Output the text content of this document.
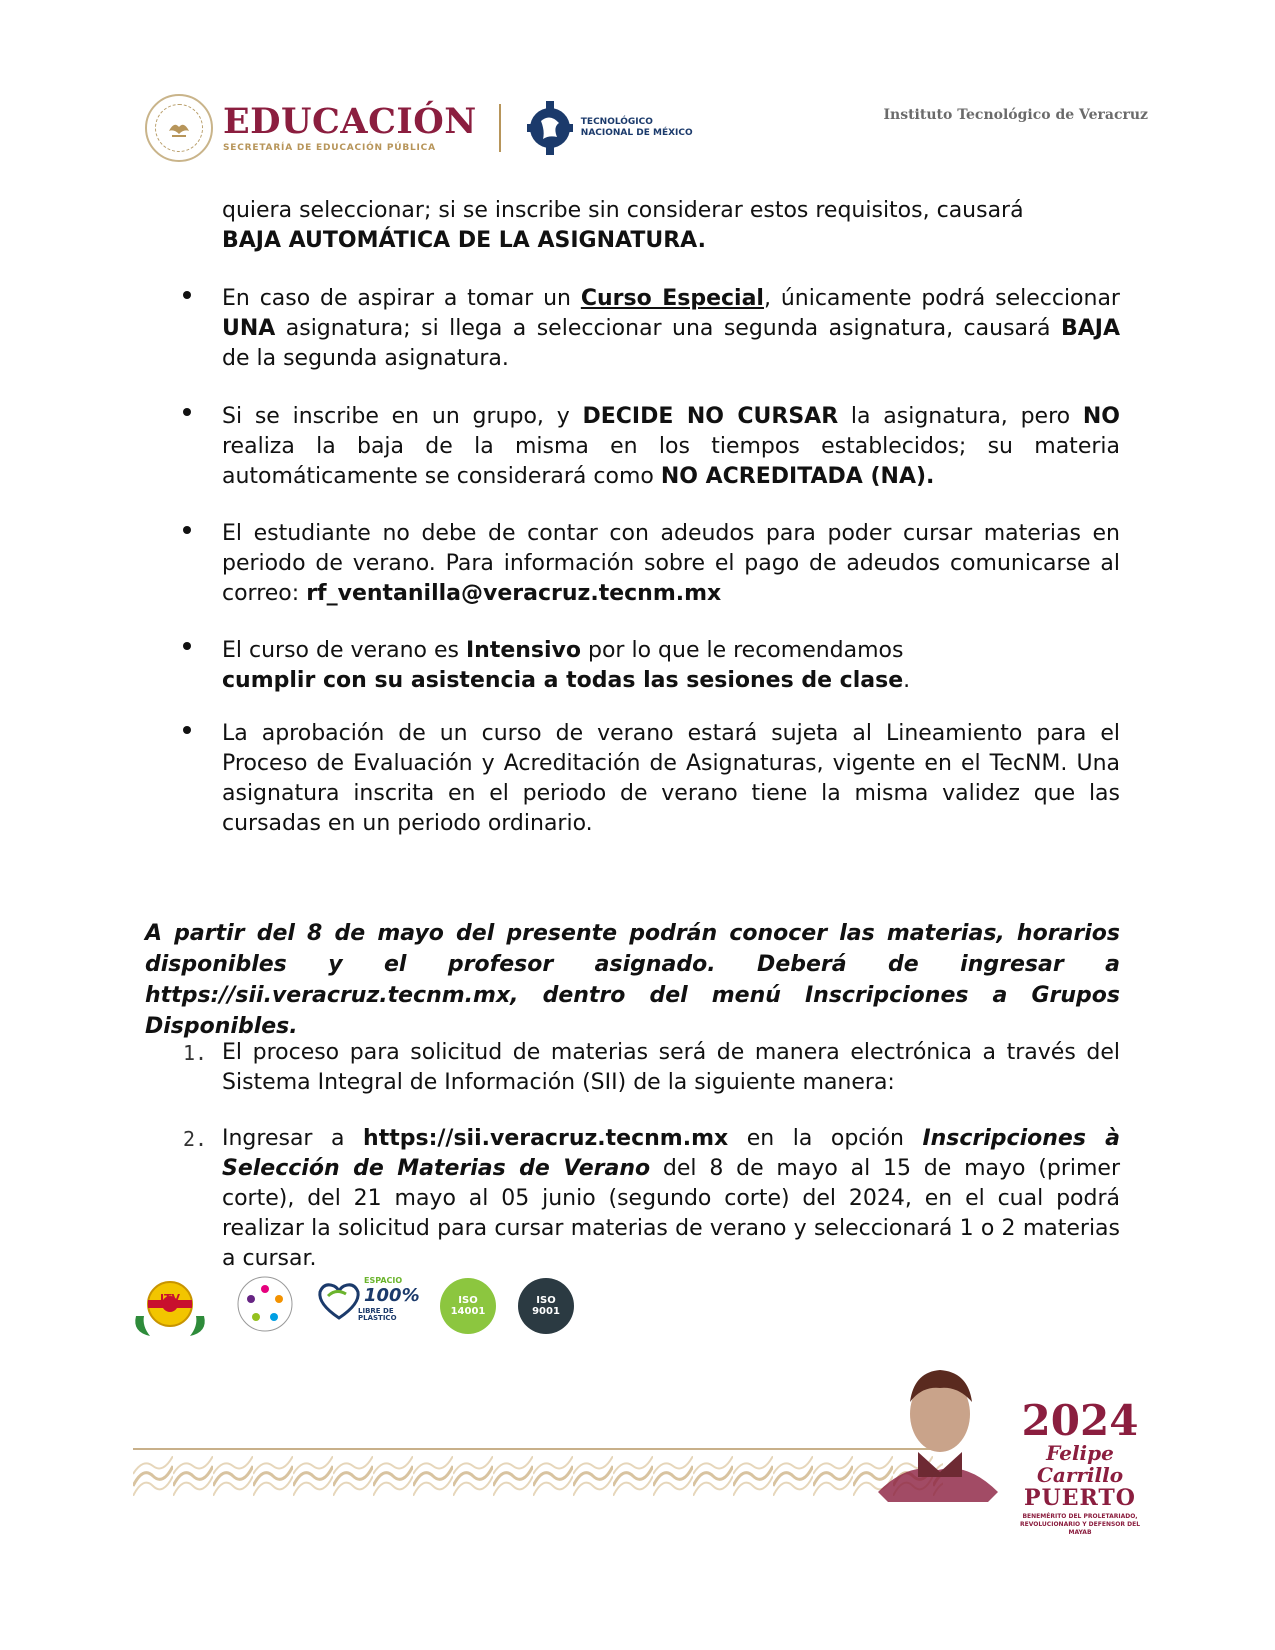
EDUCACIÓN
SECRETARÍA DE EDUCACIÓN PÚBLICA
TECNOLÓGICO
NACIONAL DE MÉXICO
Instituto Tecnológico de Veracruz
quiera seleccionar; si se inscribe sin considerar estos requisitos, causará
BAJA AUTOMÁTICA DE LA ASIGNATURA.
En caso de aspirar a tomar un Curso Especial, únicamente podrá seleccionar UNA asignatura; si llega a seleccionar una segunda asignatura, causará BAJA de la segunda asignatura.
Si se inscribe en un grupo, y DECIDE NO CURSAR la asignatura, pero NO realiza la baja de la misma en los tiempos establecidos; su materia automáticamente se considerará como NO ACREDITADA (NA).
El estudiante no debe de contar con adeudos para poder cursar materias en periodo de verano. Para información sobre el pago de adeudos comunicarse al correo: rf_ventanilla@veracruz.tecnm.mx
El curso de verano es Intensivo por lo que le recomendamos
cumplir con su asistencia a todas las sesiones de clase.
La aprobación de un curso de verano estará sujeta al Lineamiento para el Proceso de Evaluación y Acreditación de Asignaturas, vigente en el TecNM. Una asignatura inscrita en el periodo de verano tiene la misma validez que las cursadas en un periodo ordinario.
A partir del 8 de mayo del presente podrán conocer las materias, horarios disponibles y el profesor asignado. Deberá de ingresar a https://sii.veracruz.tecnm.mx, dentro del menú Inscripciones a Grupos Disponibles.
1. El proceso para solicitud de materias será de manera electrónica a través del Sistema Integral de Información (SII) de la siguiente manera:
2. Ingresar a https://sii.veracruz.tecnm.mx en la opción Inscripciones à Selección de Materias de Verano del 8 de mayo al 15 de mayo (primer corte), del 21 mayo al 05 junio (segundo corte) del 2024, en el cual podrá realizar la solicitud para cursar materias de verano y seleccionará 1 o 2 materias a cursar.
ITV
ESPACIO
100%
LIBRE DE PLÁSTICO
ISO 14001
ISO 9001
2024
Felipe Carrillo
PUERTO
BENEMÉRITO DEL PROLETARIADO, REVOLUCIONARIO Y DEFENSOR DEL MAYAB
